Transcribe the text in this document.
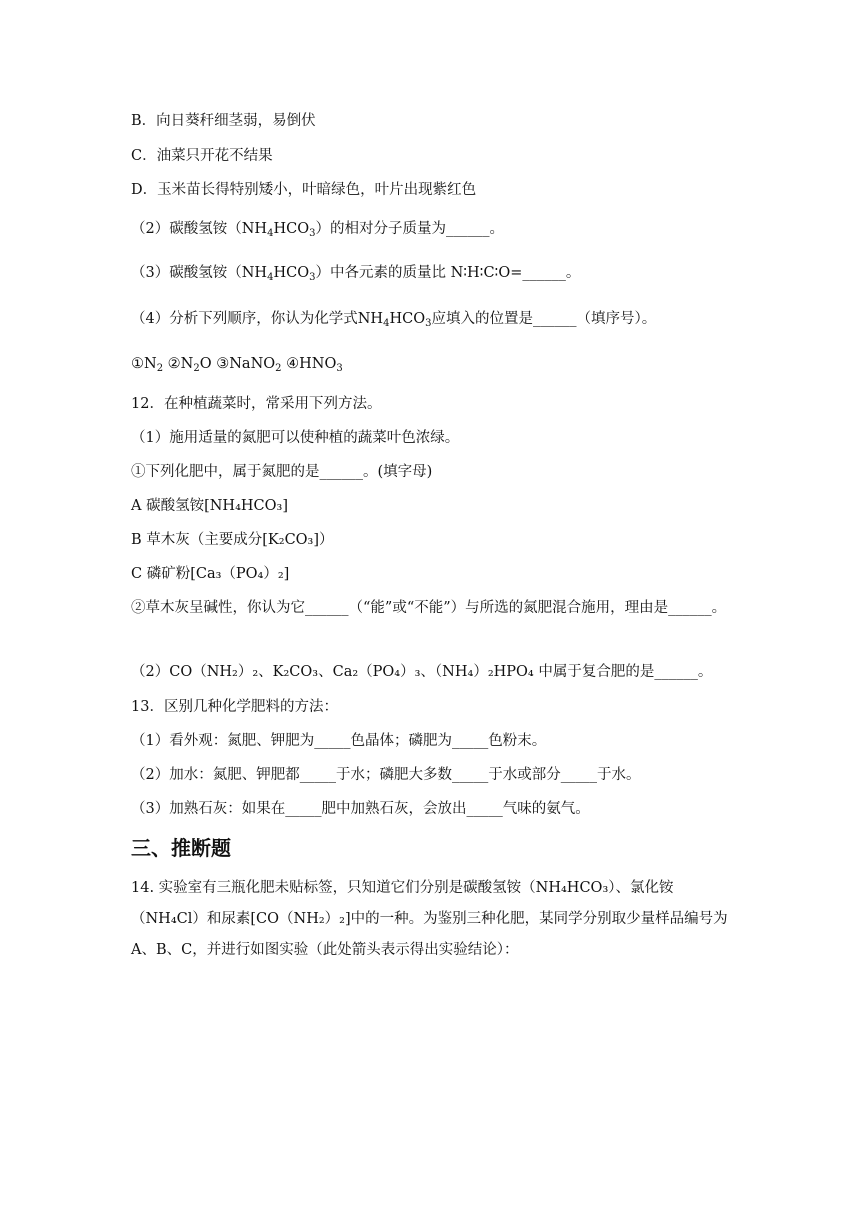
B．向日葵秆细茎弱，易倒伏
C．油菜只开花不结果
D．玉米苗长得特别矮小，叶暗绿色，叶片出现紫红色
（2）碳酸氢铵$(NH_4HCO_3)$的相对分子质量为______。
（3）碳酸氢铵$(NH_4HCO_3)$中各元素的质量比 N∶H∶C∶O=______。
（4）分析下列顺序，你认为化学式$NH_4HCO_3$应填入的位置是______（填序号）。
$①N_2$ $②N_2O$ ③NaNO$_2$ $④HNO_3$
12．在种植蔬菜时，常采用下列方法。
（1）施用适量的氮肥可以使种植的蔬菜叶色浓绿。
①下列化肥中，属于氮肥的是______。(填字母)
A 碳酸氢铵[NH₄HCO₃]
B 草木灰（主要成分[K₂CO₃]）
C 磷矿粉[Ca₃（PO₄）₂]
②草木灰呈碱性，你认为它______（“能”或“不能”）与所选的氮肥混合施用，理由是______。
（2）CO（NH₂）₂、K₂CO₃、Ca₂（PO₄）₃、（NH₄）₂HPO₄ 中属于复合肥的是______。
13．区别几种化学肥料的方法：
（1）看外观：氮肥、钾肥为_____色晶体；磷肥为_____色粉末。
（2）加水：氮肥、钾肥都_____于水；磷肥大多数_____于水或部分_____于水。
（3）加熟石灰：如果在_____肥中加熟石灰，会放出_____气味的氨气。
三、推断题
14. 实验室有三瓶化肥未贴标签，只知道它们分别是碳酸氢铵（NH₄HCO₃）、氯化铵（NH₄Cl）和尿素[CO（NH₂）₂]中的一种。为鉴别三种化肥，某同学分别取少量样品编号为 A、B、C，并进行如图实验（此处箭头表示得出实验结论）：
